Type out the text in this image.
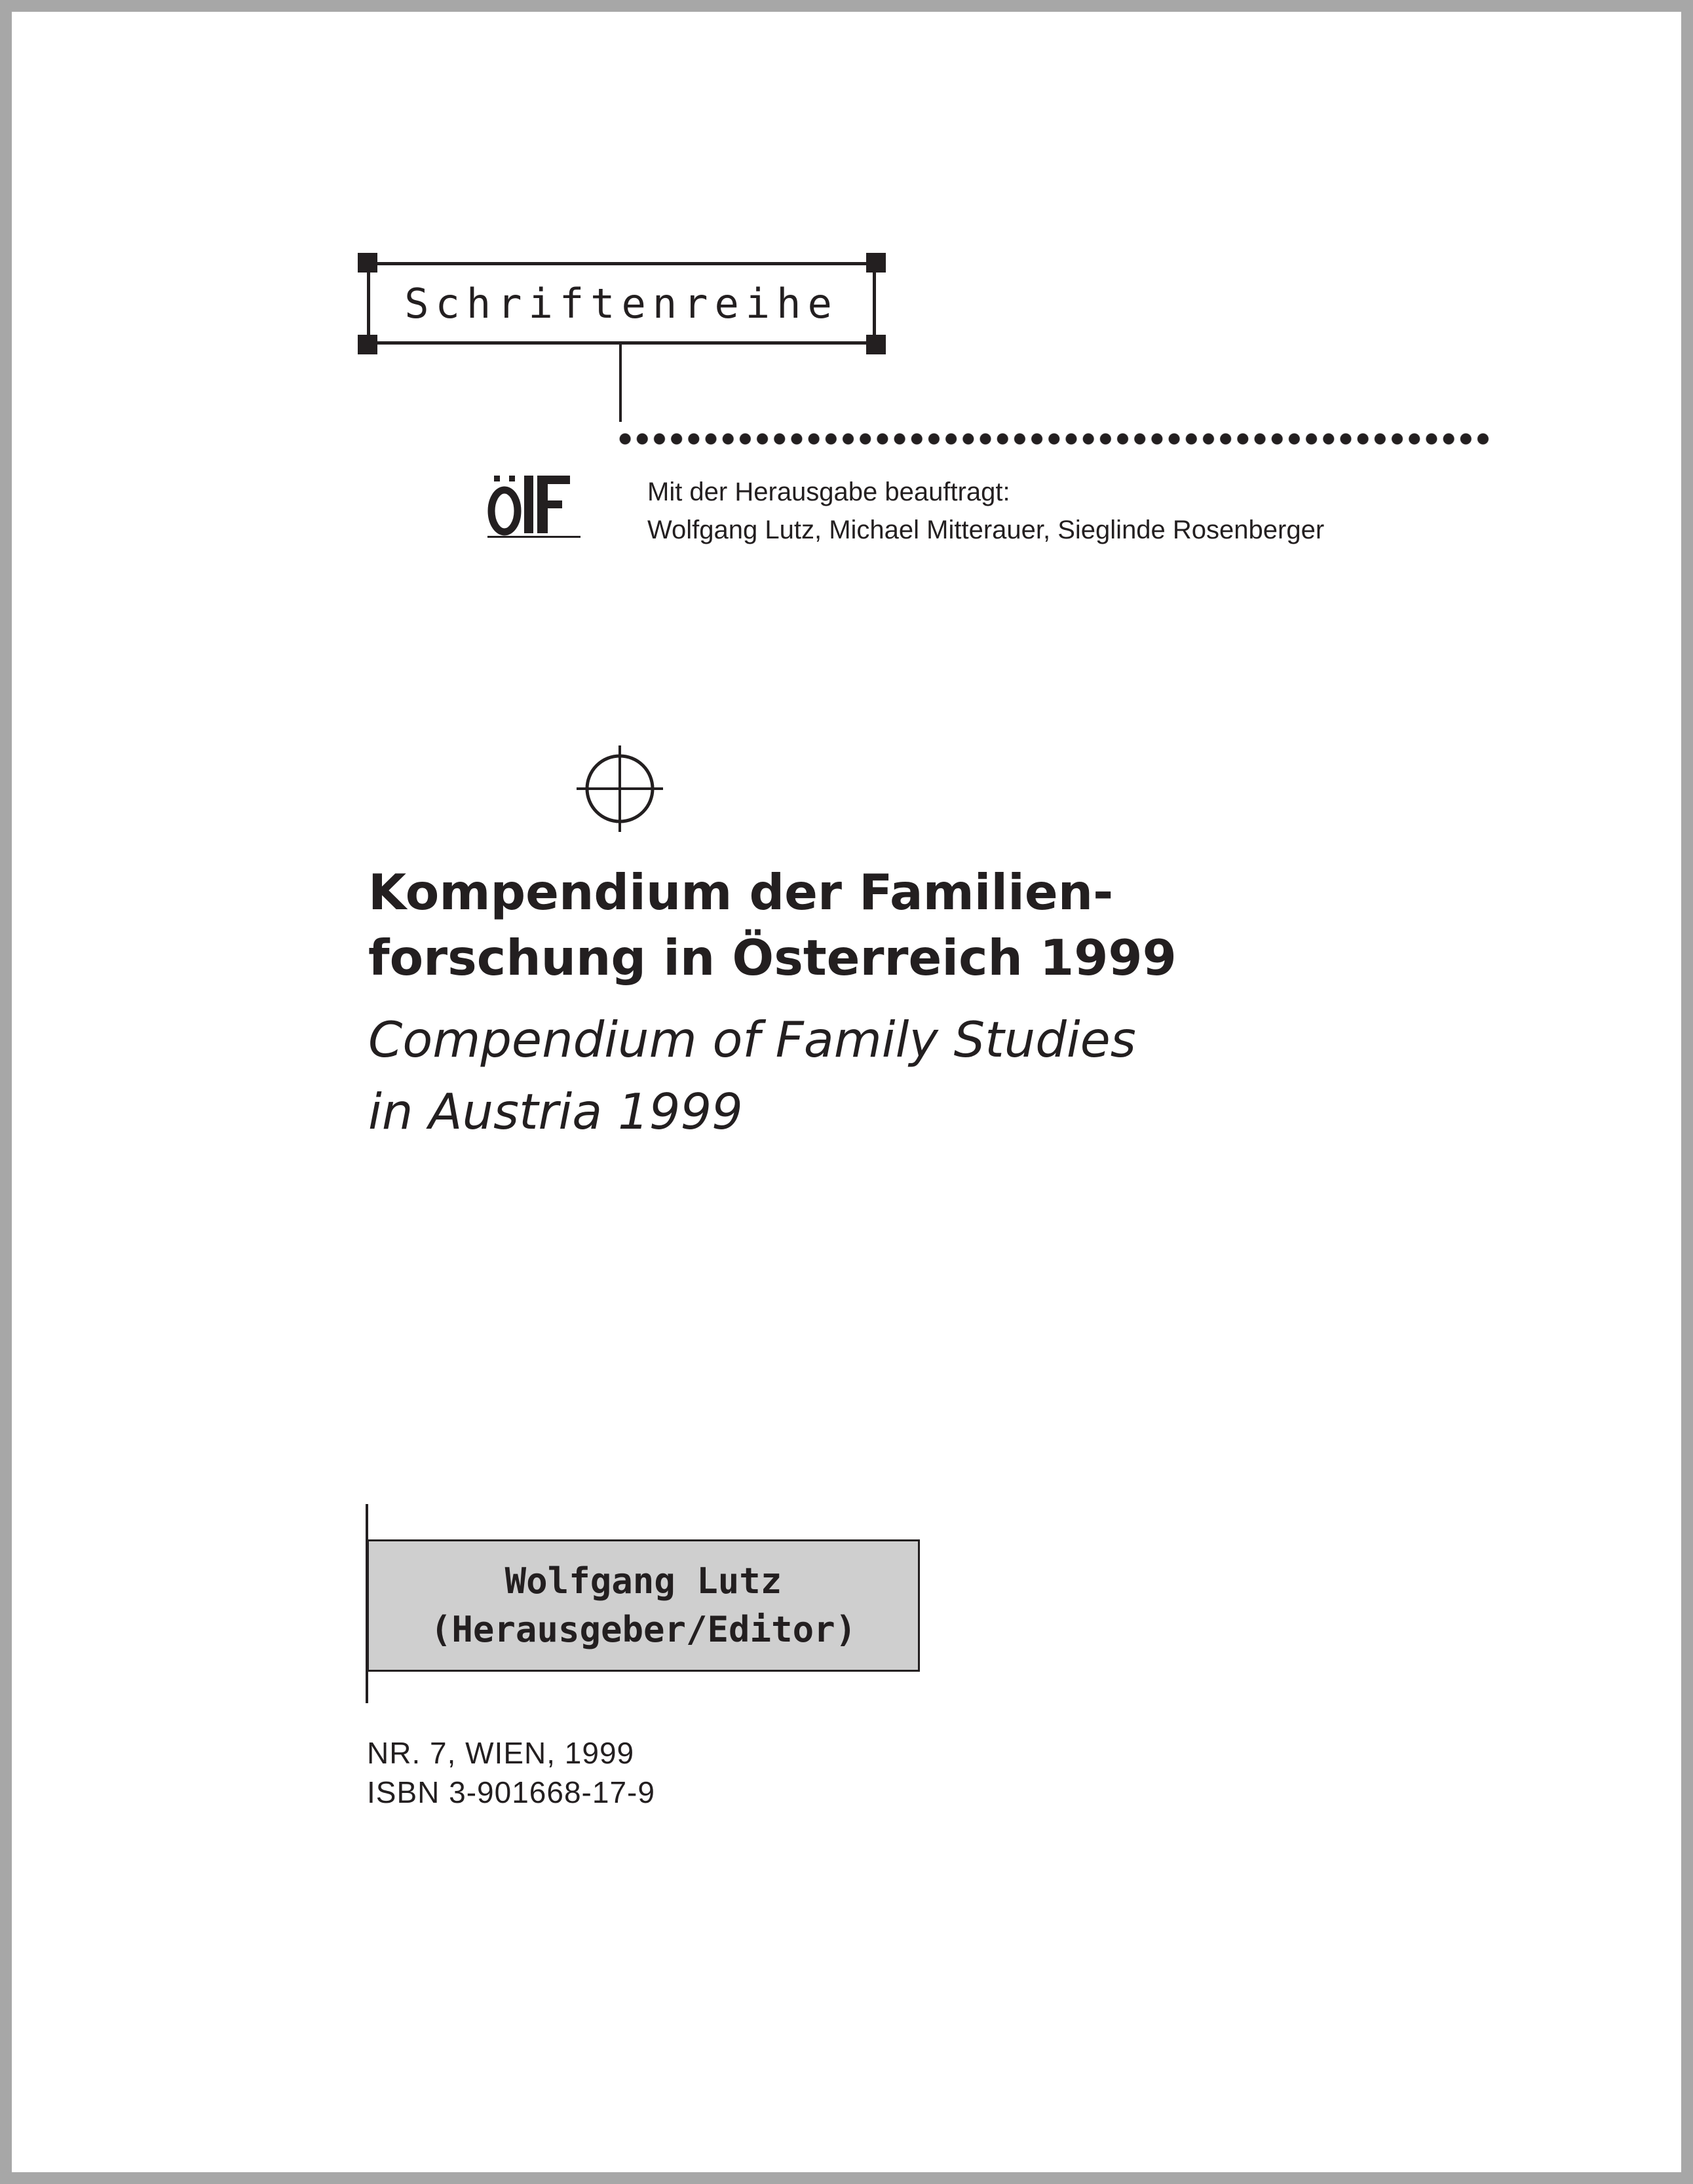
Schriftenreihe
Mit der Herausgabe beauftragt:
Wolfgang Lutz, Michael Mitterauer, Sieglinde Rosenberger
Kompendium der Familien-
forschung in Österreich 1999
Compendium of Family Studies
in Austria 1999
Wolfgang Lutz
(Herausgeber/Editor)
NR. 7, WIEN, 1999
ISBN 3-901668-17-9
